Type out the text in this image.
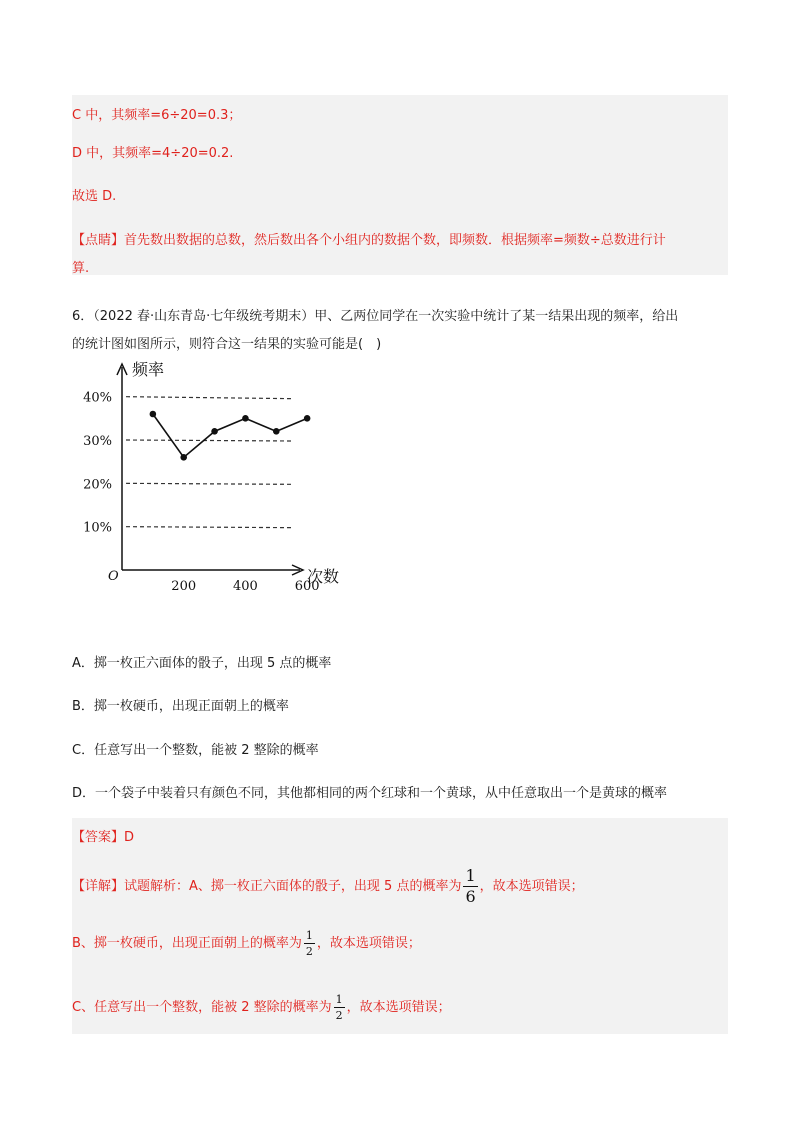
C 中，其频率=6÷20=0.3；
D 中，其频率=4÷20=0.2.
故选 D.
【点睛】首先数出数据的总数，然后数出各个小组内的数据个数，即频数．根据频率=频数÷总数进行计
算.
6．（2022 春·山东青岛·七年级统考期末）甲、乙两位同学在一次实验中统计了某一结果出现的频率，给出
的统计图如图所示，则符合这一结果的实验可能是(　)
10%
20%
30%
40%
频率
次数
O
200	400	600
A．掷一枚正六面体的骰子，出现 5 点的概率
B．掷一枚硬币，出现正面朝上的概率
C．任意写出一个整数，能被 2 整除的概率
D．一个袋子中装着只有颜色不同，其他都相同的两个红球和一个黄球，从中任意取出一个是黄球的概率
【答案】D
【详解】试题解析：A、掷一枚正六面体的骰子，出现 5 点的概率为 $\frac{1}{6}$ ，故本选项错误；
B、掷一枚硬币，出现正面朝上的概率为 $\frac{1}{2}$ ，故本选项错误；
C、任意写出一个整数，能被 2 整除的概率为 $\frac{1}{2}$ ，故本选项错误；
